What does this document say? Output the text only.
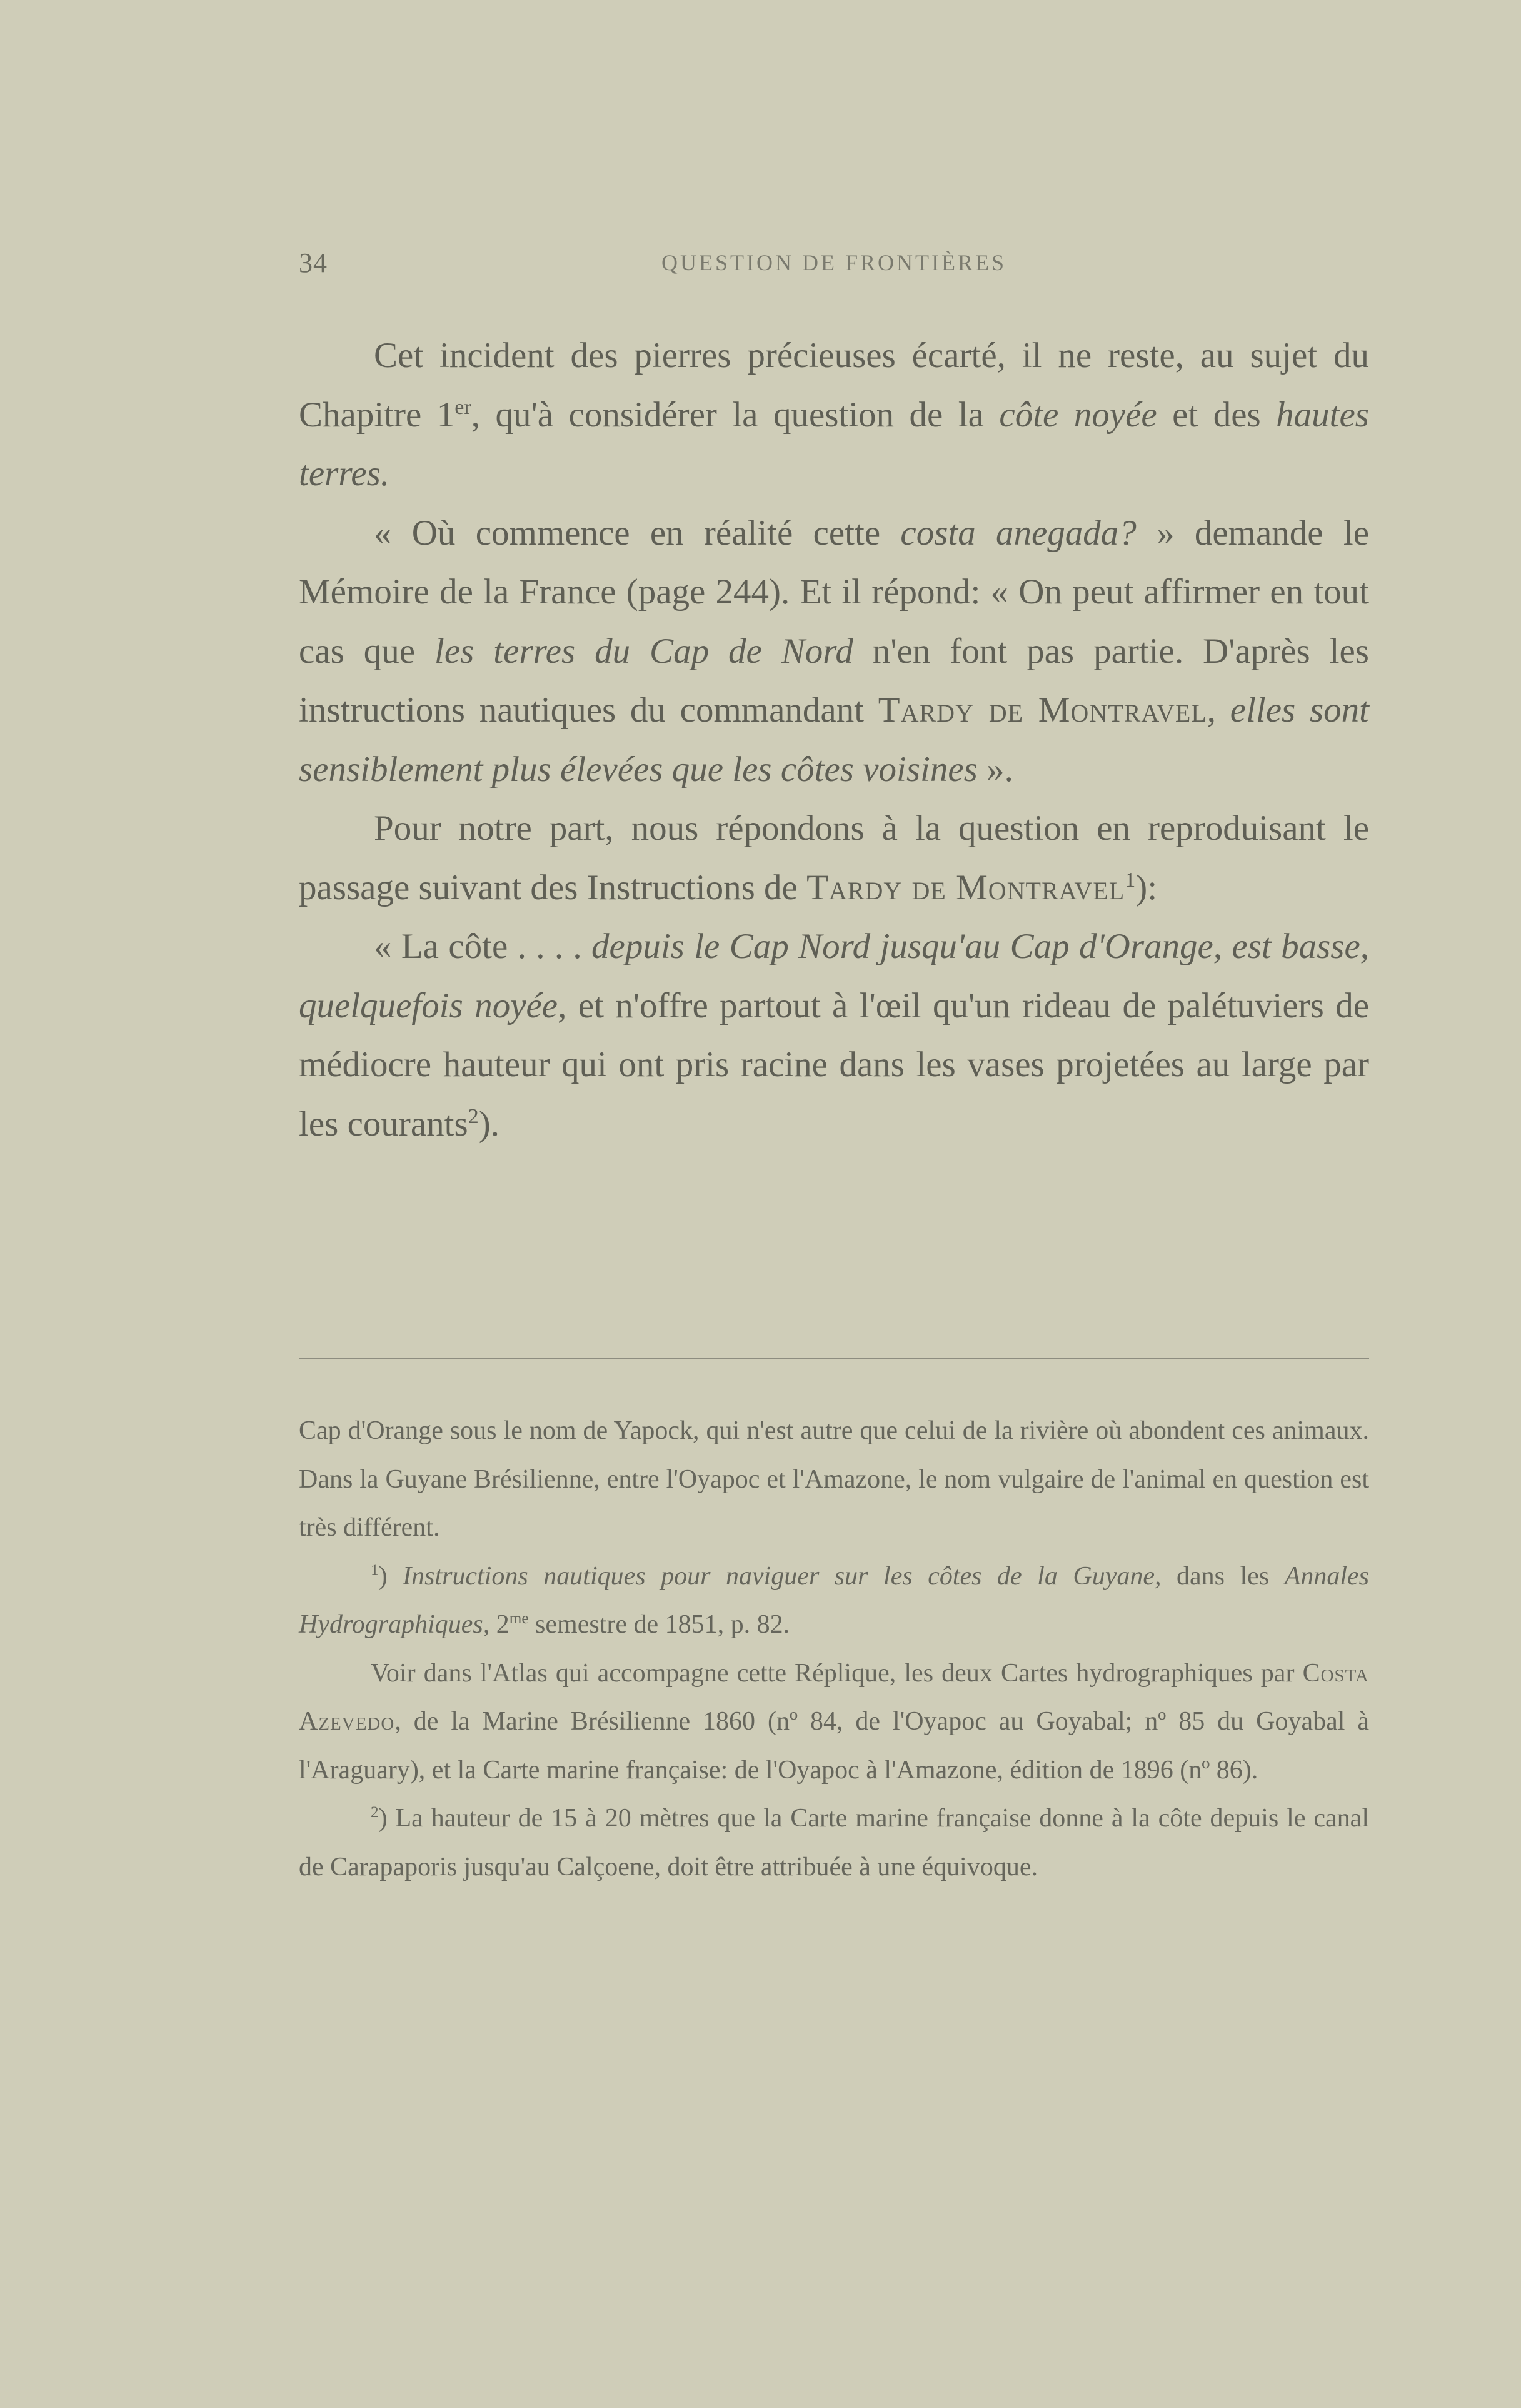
34	QUESTION DE FRONTIÈRES

Cet incident des pierres précieuses écarté, il ne reste, au sujet du Chapitre 1er, qu'à considérer la question de la côte noyée et des hautes terres.

« Où commence en réalité cette costa anegada? » demande le Mémoire de la France (page 244). Et il répond: « On peut affirmer en tout cas que les terres du Cap de Nord n'en font pas partie. D'après les instructions nautiques du commandant Tardy de Montravel, elles sont sensiblement plus élevées que les côtes voisines ».

Pour notre part, nous répondons à la question en reproduisant le passage suivant des Instructions de Tardy de Montravel$^1$):

« La côte . . . . depuis le Cap Nord jusqu'au Cap d'Orange, est basse, quelquefois noyée, et n'offre partout à l'œil qu'un rideau de palétuviers de médiocre hauteur qui ont pris racine dans les vases projetées au large par les courants$^2$).

Cap d'Orange sous le nom de Yapock, qui n'est autre que celui de la rivière où abondent ces animaux. Dans la Guyane Brésilienne, entre l'Oyapoc et l'Amazone, le nom vulgaire de l'animal en question est très différent.

$^1$) Instructions nautiques pour naviguer sur les côtes de la Guyane, dans les Annales Hydrographiques, $2^{me}$ semestre de 1851, p. 82.

Voir dans l'Atlas qui accompagne cette Réplique, les deux Cartes hydrographiques par Costa Azevedo, de la Marine Brésilienne 1860 (nº 84, de l'Oyapoc au Goyabal; nº 85 du Goyabal à l'Araguary), et la Carte marine française: de l'Oyapoc à l'Amazone, édition de 1896 (nº 86).

$^2$) La hauteur de 15 à 20 mètres que la Carte marine française donne à la côte depuis le canal de Carapaporis jusqu'au Calçoene, doit être attribuée à une équivoque.
